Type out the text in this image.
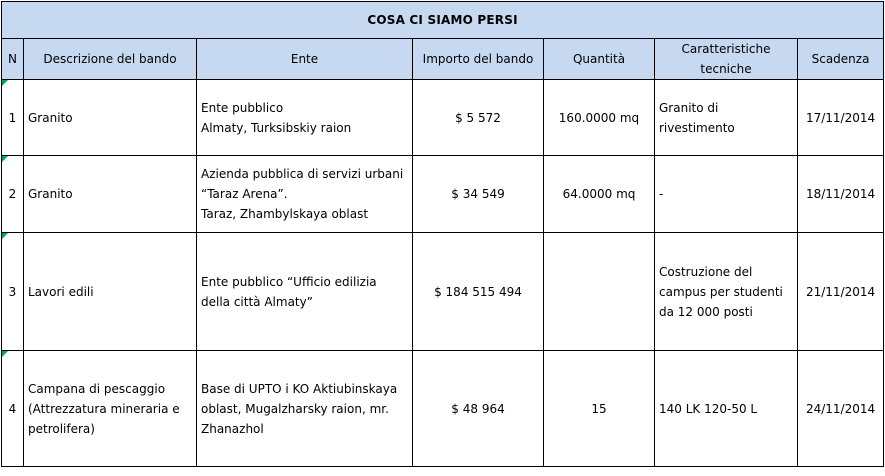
COSA CI SIAMO PERSI						
N	Descrizione del bando	Ente	Importo del bando	Quantità	Caratteristiche
tecniche	Scadenza

1	Granito	Ente pubblico
Almaty, Turksibskiy raion	$ 5 572	160.0000 mq	Granito di
rivestimento	17/11/2014

2	Granito	Azienda pubblica di servizi urbani
“Taraz Arena”.
Taraz, Zhambylskaya oblast	$ 34 549	64.0000 mq	-	18/11/2014

3	Lavori edili	Ente pubblico “Ufficio edilizia
della città Almaty”	$ 184 515 494		Costruzione del
campus per studenti
da 12 000 posti	21/11/2014

4	Campana di pescaggio
(Attrezzatura mineraria e
petrolifera)	Base di UPTO i KO Aktiubinskaya
oblast, Mugalzharsky raion, mr.
Zhanazhol	$ 48 964	15	140 LK 120-50 L	24/11/2014
